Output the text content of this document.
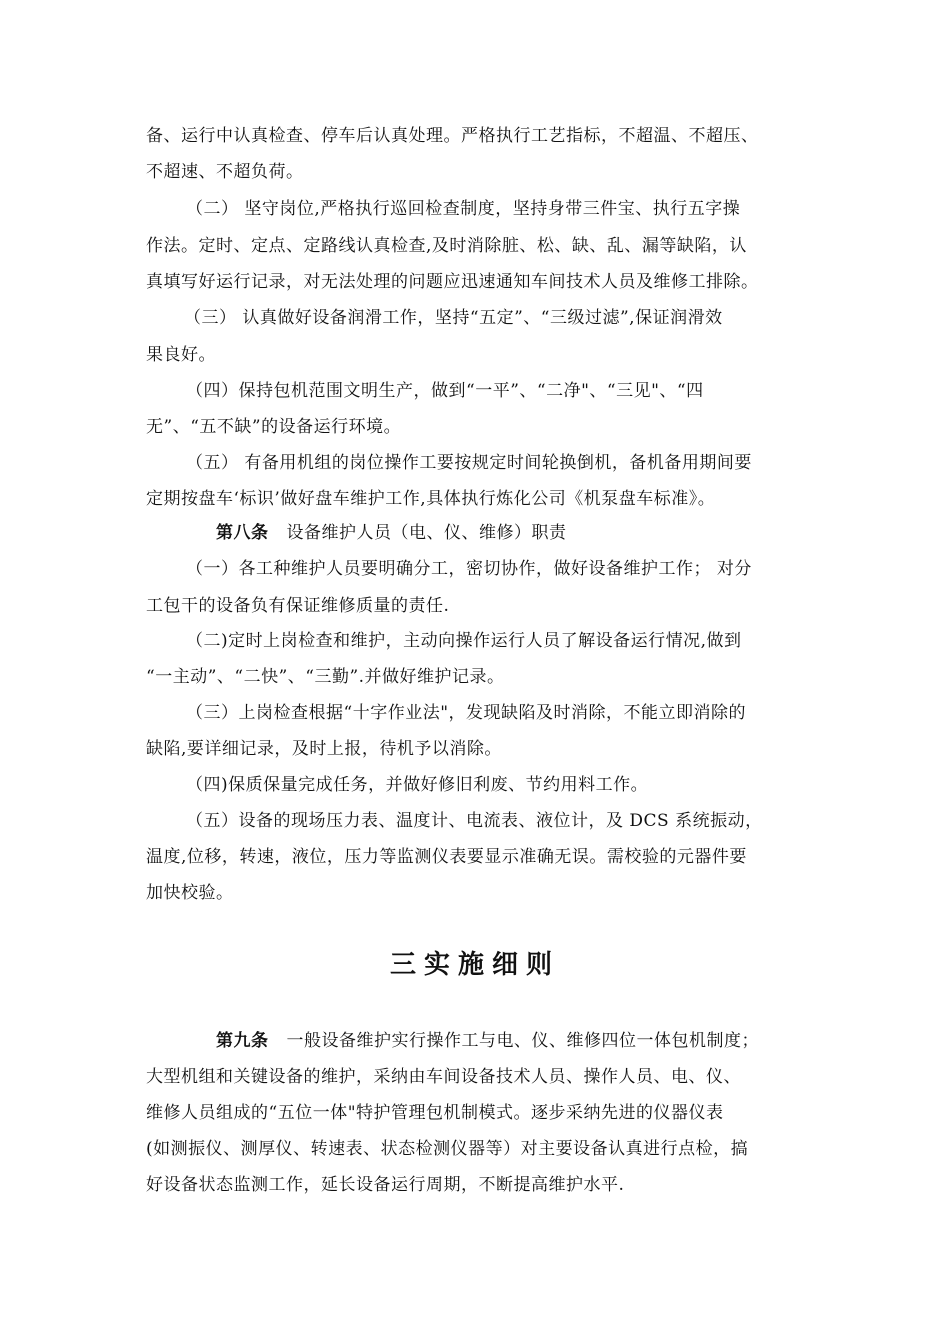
备、运行中认真检查、停车后认真处理。严格执行工艺指标，不超温、不超压、
不超速、不超负荷。
（二） 坚守岗位,严格执行巡回检查制度，坚持身带三件宝、执行五字操
作法。定时、定点、定路线认真检查,及时消除脏、松、缺、乱、漏等缺陷，认
真填写好运行记录，对无法处理的问题应迅速通知车间技术人员及维修工排除。
（三） 认真做好设备润滑工作，坚持“五定”、“三级过滤”,保证润滑效
果良好。
（四）保持包机范围文明生产，做到“一平”、“二净"、“三见"、“四
无”、“五不缺”的设备运行环境。
（五） 有备用机组的岗位操作工要按规定时间轮换倒机，备机备用期间要
定期按盘车‘标识’做好盘车维护工作,具体执行炼化公司《机泵盘车标准》。
第八条 设备维护人员（电、仪、维修）职责
（一）各工种维护人员要明确分工，密切协作，做好设备维护工作； 对分
工包干的设备负有保证维修质量的责任.
（二)定时上岗检查和维护，主动向操作运行人员了解设备运行情况,做到
“一主动”、“二快”、“三勤”.并做好维护记录。
（三）上岗检查根据“十字作业法"，发现缺陷及时消除，不能立即消除的
缺陷,要详细记录，及时上报，待机予以消除。
（四)保质保量完成任务，并做好修旧利废、节约用料工作。
（五）设备的现场压力表、温度计、电流表、液位计，及 DCS 系统振动，
温度,位移，转速，液位，压力等监测仪表要显示准确无误。需校验的元器件要
加快校验。
三实施细则
第九条 一般设备维护实行操作工与电、仪、维修四位一体包机制度；
大型机组和关键设备的维护，采纳由车间设备技术人员、操作人员、电、仪、
维修人员组成的“五位一体"特护管理包机制模式。逐步采纳先进的仪器仪表
(如测振仪、测厚仪、转速表、状态检测仪器等）对主要设备认真进行点检，搞
好设备状态监测工作，延长设备运行周期，不断提高维护水平.
